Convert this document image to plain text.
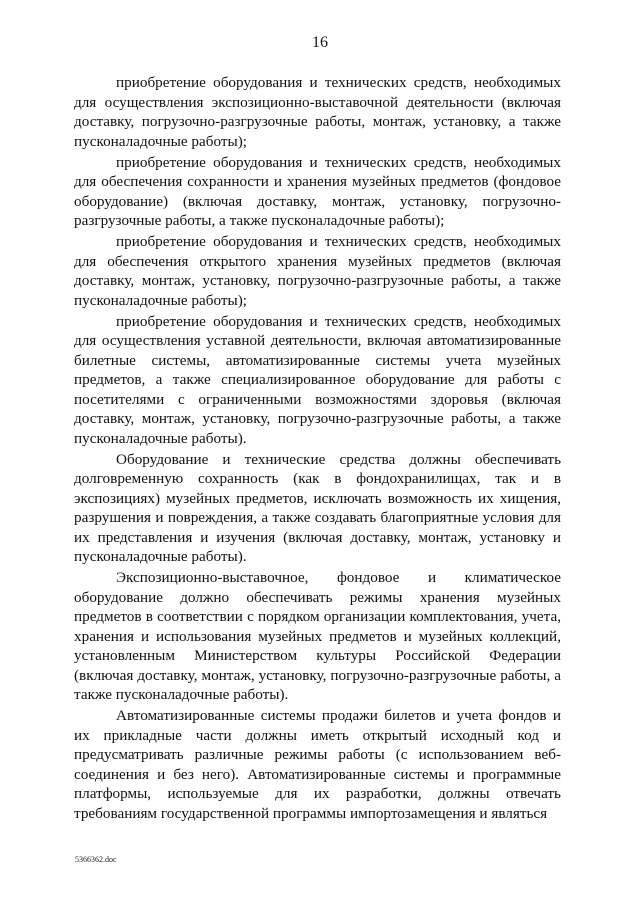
16

приобретение оборудования и технических средств, необходимых для осуществления экспозиционно-выставочной деятельности (включая доставку, погрузочно-разгрузочные работы, монтаж, установку, а также пусконаладочные работы);

приобретение оборудования и технических средств, необходимых для обеспечения сохранности и хранения музейных предметов (фондовое оборудование) (включая доставку, монтаж, установку, погрузочно-разгрузочные работы, а также пусконаладочные работы);

приобретение оборудования и технических средств, необходимых для обеспечения открытого хранения музейных предметов (включая доставку, монтаж, установку, погрузочно-разгрузочные работы, а также пусконаладочные работы);

приобретение оборудования и технических средств, необходимых для осуществления уставной деятельности, включая автоматизированные билетные системы, автоматизированные системы учета музейных предметов, а также специализированное оборудование для работы с посетителями с ограниченными возможностями здоровья (включая доставку, монтаж, установку, погрузочно-разгрузочные работы, а также пусконаладочные работы).

Оборудование и технические средства должны обеспечивать долговременную сохранность (как в фондохранилищах, так и в экспозициях) музейных предметов, исключать возможность их хищения, разрушения и повреждения, а также создавать благоприятные условия для их представления и изучения (включая доставку, монтаж, установку и пусконаладочные работы).

Экспозиционно-выставочное, фондовое и климатическое оборудование должно обеспечивать режимы хранения музейных предметов в соответствии с порядком организации комплектования, учета, хранения и использования музейных предметов и музейных коллекций, установленным Министерством культуры Российской Федерации (включая доставку, монтаж, установку, погрузочно-разгрузочные работы, а также пусконаладочные работы).

Автоматизированные системы продажи билетов и учета фондов и их прикладные части должны иметь открытый исходный код и предусматривать различные режимы работы (с использованием веб-соединения и без него). Автоматизированные системы и программные платформы, используемые для их разработки, должны отвечать требованиям государственной программы импортозамещения и являться

5366362.doc
